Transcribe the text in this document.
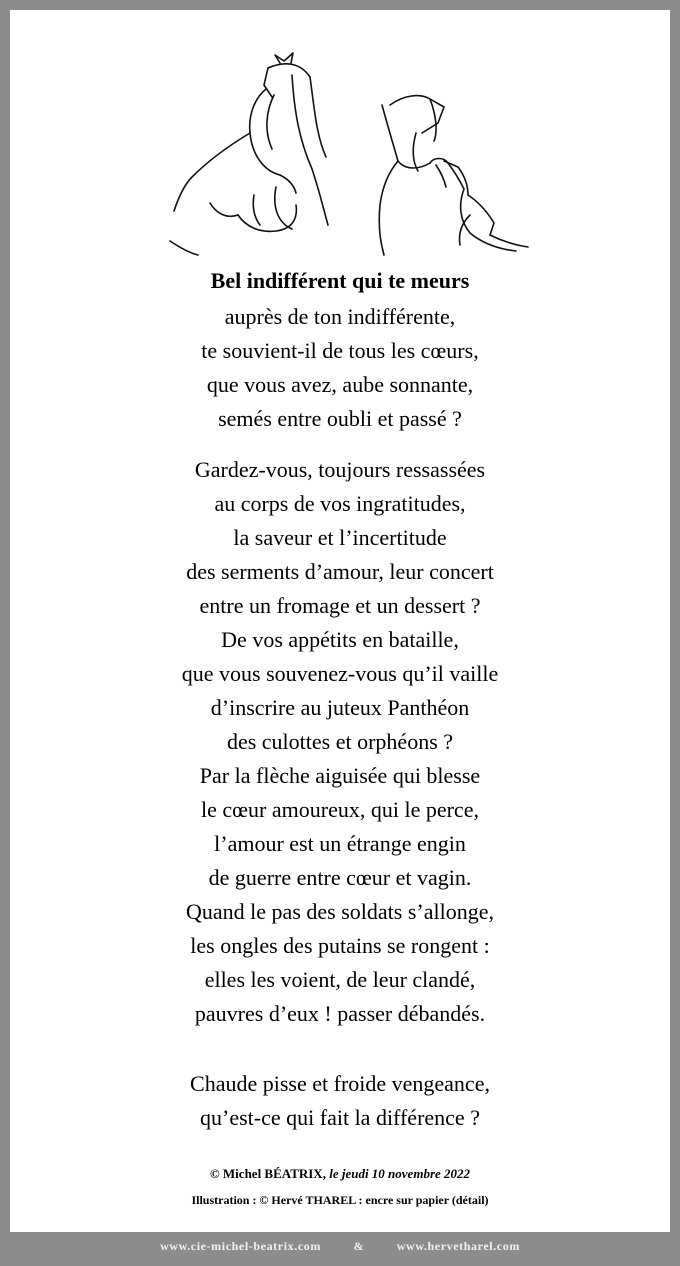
Bel indifférent qui te meurs
auprès de ton indifférente,
te souvient-il de tous les cœurs,
que vous avez, aube sonnante,
semés entre oubli et passé ?
Gardez-vous, toujours ressassées
au corps de vos ingratitudes,
la saveur et l’incertitude
des serments d’amour, leur concert
entre un fromage et un dessert ?
De vos appétits en bataille,
que vous souvenez-vous qu’il vaille
d’inscrire au juteux Panthéon
des culottes et orphéons ?
Par la flèche aiguisée qui blesse
le cœur amoureux, qui le perce,
l’amour est un étrange engin
de guerre entre cœur et vagin.
Quand le pas des soldats s’allonge,
les ongles des putains se rongent :
elles les voient, de leur clandé,
pauvres d’eux ! passer débandés.
Chaude pisse et froide vengeance,
qu’est-ce qui fait la différence ?
© Michel BÉATRIX, le jeudi 10 novembre 2022
Illustration : © Hervé THAREL : encre sur papier (détail)
www.cie-michel-beatrix.com	&	www.hervetharel.com
